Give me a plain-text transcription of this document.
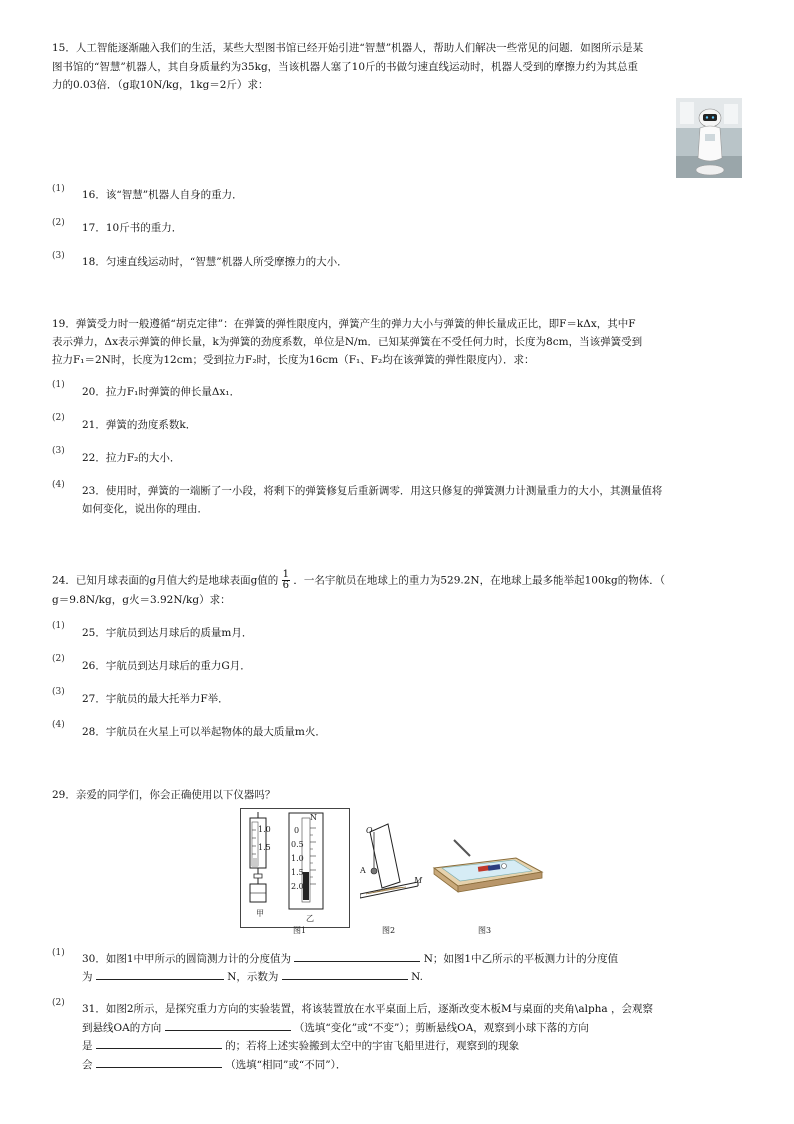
15．人工智能逐渐融入我们的生活，某些大型图书馆已经开始引进“智慧”机器人，帮助人们解决一些常见的问题．如图所示是某
图书馆的“智慧”机器人，其自身质量约为35kg，当该机器人塞了10斤的书做匀速直线运动时，机器人受到的摩擦力约为其总重
力的0.03倍．（g取10N/kg，1kg＝2斤）求：
(1) 16．该“智慧”机器人自身的重力．
(2) 17．10斤书的重力．
(3) 18．匀速直线运动时，“智慧”机器人所受摩擦力的大小．
19．弹簧受力时一般遵循“胡克定律”：在弹簧的弹性限度内，弹簧产生的弹力大小与弹簧的伸长量成正比，即F＝kΔx，其中F
表示弹力，Δx表示弹簧的伸长量，k为弹簧的劲度系数，单位是N/m．已知某弹簧在不受任何力时，长度为8cm，当该弹簧受到
拉力F₁＝2N时，长度为12cm；受到拉力F₂时，长度为16cm（F₁、F₂均在该弹簧的弹性限度内）．求：
(1)
20．拉力F₁时弹簧的伸长量Δx₁．
(2)
21．弹簧的劲度系数k．
(3)
22．拉力F₂的大小．
(4) 23．使用时，弹簧的一端断了一小段，将剩下的弹簧修复后重新调零．用这只修复的弹簧测力计测量重力的大小，其测量值将
如何变化，说出你的理由．
24．已知月球表面的g月值大约是地球表面g值的 $\frac{1}{6}$ ．一名宇航员在地球上的重力为529.2N，在地球上最多能举起100kg的物体．（
g＝9.8N/kg，g火＝3.92N/kg）求：
(1)
25．宇航员到达月球后的质量m月．
(2)
26．宇航员到达月球后的重力G月．
(3)
27．宇航员的最大托举力F举．
(4)
28．宇航员在火星上可以举起物体的最大质量m火．
29．亲爱的同学们，你会正确使用以下仪器吗？
1.0
1.5
甲
N
0
0.5
1.0
1.5
2.0
乙
图1
O
A
M
图2	图3
(1) 30．如图1中甲所示的圆筒测力计的分度值为	N；如图1中乙所示的平板测力计的分度值
为	N，示数为	N.
(2) 31．如图2所示，是探究重力方向的实验装置，将该装置放在水平桌面上后，逐渐改变木板M与桌面的夹角\alpha ，会观察
到悬线OA的方向	（选填“变化”或“不变”）；剪断悬线OA，观察到小球下落的方向
是	的；若将上述实验搬到太空中的宇宙飞船里进行，观察到的现象
会	（选填“相同”或“不同”）．
